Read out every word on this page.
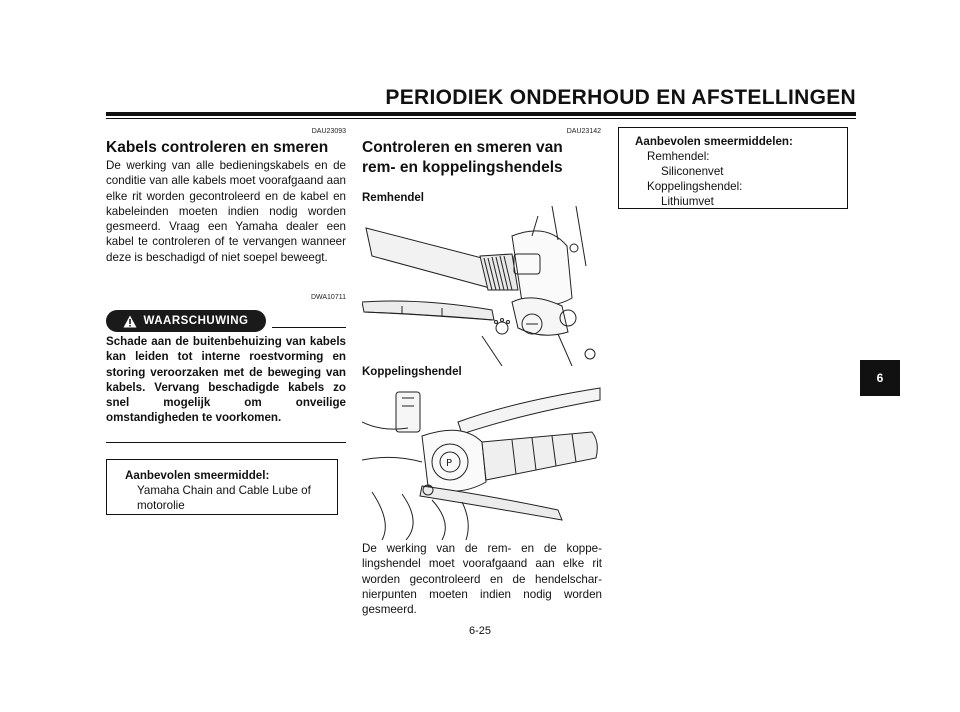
PERIODIEK ONDERHOUD EN AFSTELLINGEN
DAU23093
Kabels controleren en smeren
De werking van alle bedieningskabels en de conditie van alle kabels moet voorafgaand aan elke rit worden gecontroleerd en de kabel en kabeleinden moeten indien nodig worden gesmeerd. Vraag een Yamaha dealer een kabel te controleren of te vervangen wanneer deze is beschadigd of niet soepel beweegt.
DWA10711
WAARSCHUWING
Schade aan de buitenbehuizing van kabels kan leiden tot interne roestvorming en storing veroorzaken met de beweging van kabels. Vervang beschadigde kabels zo snel mogelijk om onveilige omstandigheden te voorkomen.
Aanbevolen smeermiddel:
Yamaha Chain and Cable Lube of
motorolie
DAU23142
Controleren en smeren van
rem- en koppelingshendels
Remhendel
Koppelingshendel
P
De werking van de rem- en de koppelingshendel moet voorafgaand aan elke rit worden gecontroleerd en de hendelscharnierpunten moeten indien nodig worden gesmeerd.
Aanbevolen smeermiddelen:
Remhendel:
Siliconenvet
Koppelingshendel:
Lithiumvet
6
6-25
